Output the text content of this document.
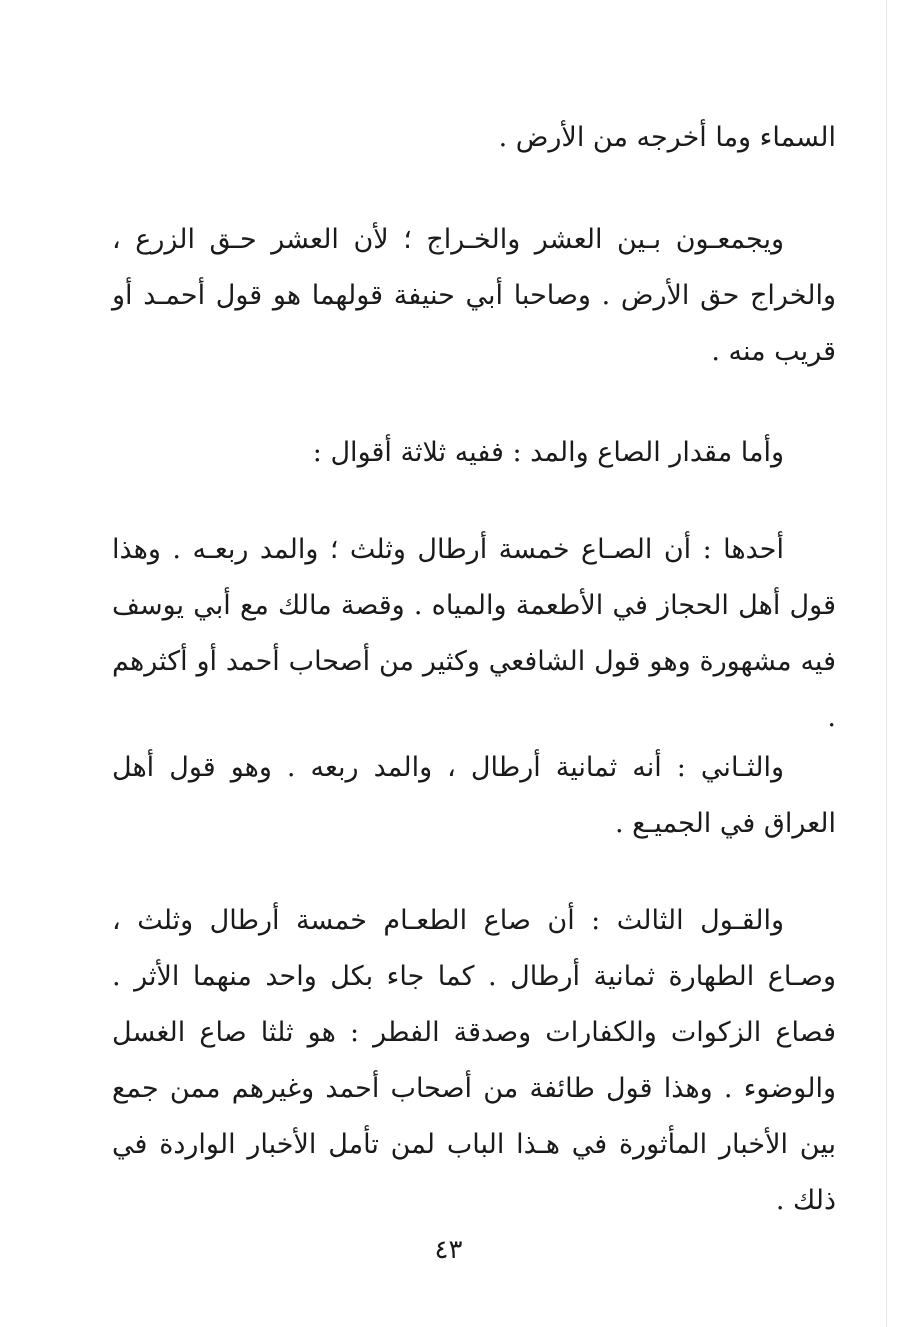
السماء وما أخرجه من الأرض .

ويجمعـون بـين العشر والخـراج ؛ لأن العشر حـق الزرع ، والخراج حق الأرض . وصاحبا أبي حنيفة قولهما هو قول أحمـد أو قريب منه .

وأما مقدار الصاع والمد : ففيه ثلاثة أقوال :

أحدها : أن الصـاع خمسة أرطال وثلث ؛ والمد ربعـه . وهذا قول أهل الحجاز في الأطعمة والمياه . وقصة مالك مع أبي يوسف فيه مشهورة وهو قول الشافعي وكثير من أصحاب أحمد أو أكثرهم .

والثـاني : أنه ثمانية أرطال ، والمد ربعه . وهو قول أهل العراق في الجميـع .

والقـول الثالث : أن صاع الطعـام خمسة أرطال وثلث ، وصـاع الطهارة ثمانية أرطال . كما جاء بكل واحد منهما الأثر . فصاع الزكوات والكفارات وصدقة الفطر : هو ثلثا صاع الغسل والوضوء . وهذا قول طائفة من أصحاب أحمد وغيرهم ممن جمع بين الأخبار المأثورة في هـذا الباب لمن تأمل الأخبار الواردة في ذلك .

٤٣
